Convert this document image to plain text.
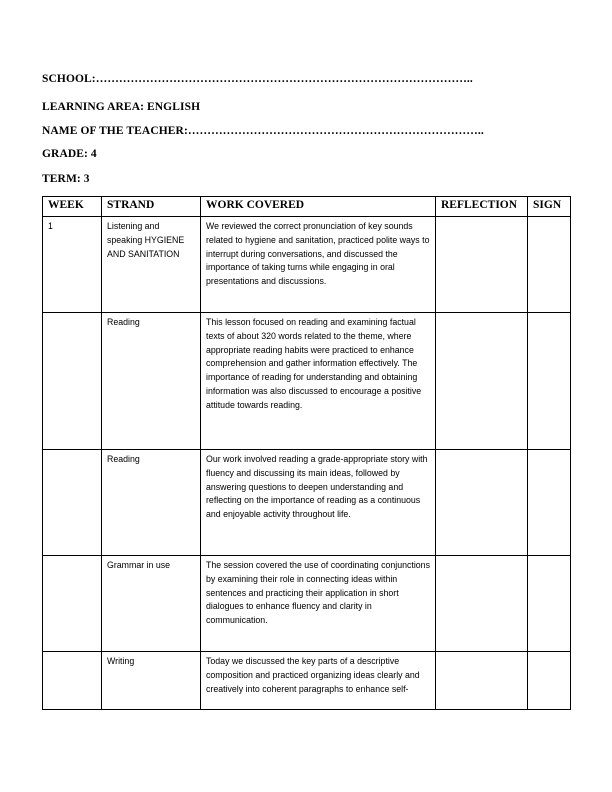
SCHOOL:……………………………………………………………………………………..
LEARNING AREA: ENGLISH
NAME OF THE TEACHER:…………………………………………………………………..
GRADE: 4
TERM: 3
WEEK	STRAND	WORK COVERED	REFLECTION	SIGN
1	Listening and speaking HYGIENE AND SANITATION	We reviewed the correct pronunciation of key sounds related to hygiene and sanitation, practiced polite ways to interrupt during conversations, and discussed the importance of taking turns while engaging in oral presentations and discussions.		
	Reading	This lesson focused on reading and examining factual texts of about 320 words related to the theme, where appropriate reading habits were practiced to enhance comprehension and gather information effectively. The importance of reading for understanding and obtaining information was also discussed to encourage a positive attitude towards reading.		
	Reading	Our work involved reading a grade-appropriate story with fluency and discussing its main ideas, followed by answering questions to deepen understanding and reflecting on the importance of reading as a continuous and enjoyable activity throughout life.		
	Grammar in use	The session covered the use of coordinating conjunctions by examining their role in connecting ideas within sentences and practicing their application in short dialogues to enhance fluency and clarity in communication.		
	Writing	Today we discussed the key parts of a descriptive composition and practiced organizing ideas clearly and creatively into coherent paragraphs to enhance self-		
